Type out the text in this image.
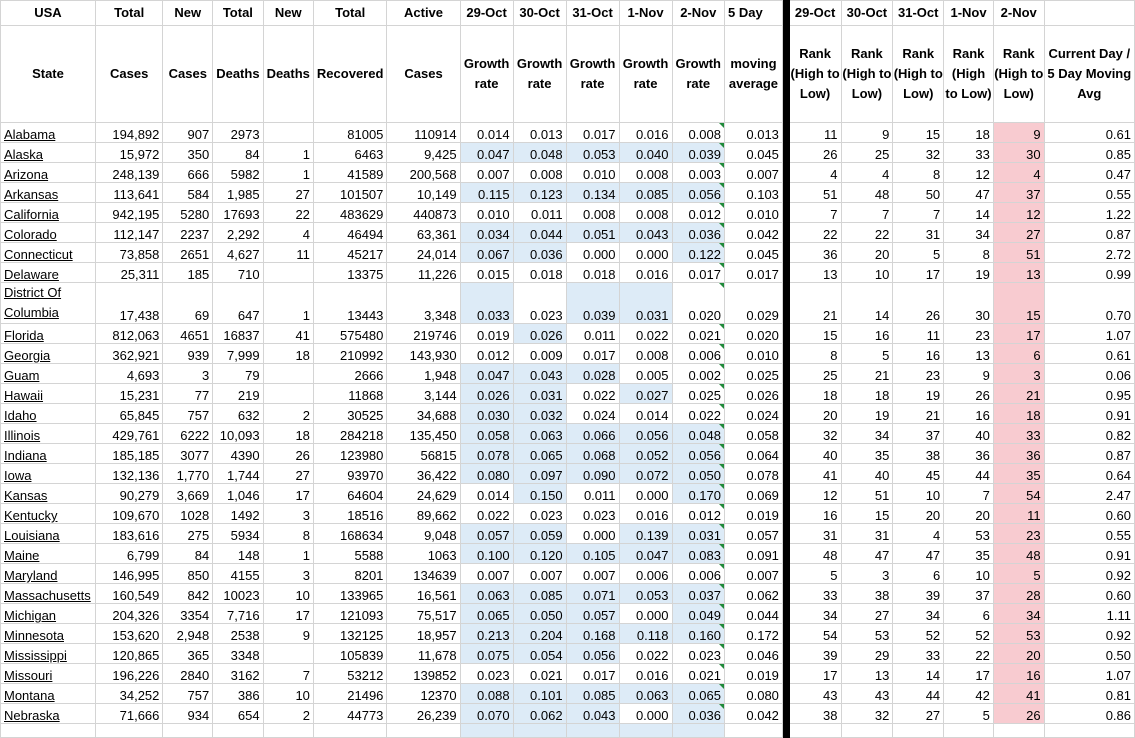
USA	Total	New	Total	New	Total	Active	29-Oct	30-Oct	31-Oct	1-Nov	2-Nov	5 Day		29-Oct	30-Oct	31-Oct	1-Nov	2-Nov	
State	Cases	Cases	Deaths	Deaths	Recovered	Cases	Growth rate	Growth rate	Growth rate	Growth rate	Growth rate	moving average		Rank (High to Low)	Rank (High to Low)	Rank (High to Low)	Rank (High to Low)	Rank (High to Low)	Current Day / 5 Day Moving Avg
Alabama	194,892	907	2973		81005	110914	0.014	0.013	0.017	0.016	0.008	0.013		11	9	15	18	9	0.61
Alaska	15,972	350	84	1	6463	9,425	0.047	0.048	0.053	0.040	0.039	0.045		26	25	32	33	30	0.85
Arizona	248,139	666	5982	1	41589	200,568	0.007	0.008	0.010	0.008	0.003	0.007		4	4	8	12	4	0.47
Arkansas	113,641	584	1,985	27	101507	10,149	0.115	0.123	0.134	0.085	0.056	0.103		51	48	50	47	37	0.55
California	942,195	5280	17693	22	483629	440873	0.010	0.011	0.008	0.008	0.012	0.010		7	7	7	14	12	1.22
Colorado	112,147	2237	2,292	4	46494	63,361	0.034	0.044	0.051	0.043	0.036	0.042		22	22	31	34	27	0.87
Connecticut	73,858	2651	4,627	11	45217	24,014	0.067	0.036	0.000	0.000	0.122	0.045		36	20	5	8	51	2.72
Delaware	25,311	185	710		13375	11,226	0.015	0.018	0.018	0.016	0.017	0.017		13	10	17	19	13	0.99
District Of Columbia	17,438	69	647	1	13443	3,348	0.033	0.023	0.039	0.031	0.020	0.029		21	14	26	30	15	0.70
Florida	812,063	4651	16837	41	575480	219746	0.019	0.026	0.011	0.022	0.021	0.020		15	16	11	23	17	1.07
Georgia	362,921	939	7,999	18	210992	143,930	0.012	0.009	0.017	0.008	0.006	0.010		8	5	16	13	6	0.61
Guam	4,693	3	79		2666	1,948	0.047	0.043	0.028	0.005	0.002	0.025		25	21	23	9	3	0.06
Hawaii	15,231	77	219		11868	3,144	0.026	0.031	0.022	0.027	0.025	0.026		18	18	19	26	21	0.95
Idaho	65,845	757	632	2	30525	34,688	0.030	0.032	0.024	0.014	0.022	0.024		20	19	21	16	18	0.91
Illinois	429,761	6222	10,093	18	284218	135,450	0.058	0.063	0.066	0.056	0.048	0.058		32	34	37	40	33	0.82
Indiana	185,185	3077	4390	26	123980	56815	0.078	0.065	0.068	0.052	0.056	0.064		40	35	38	36	36	0.87
Iowa	132,136	1,770	1,744	27	93970	36,422	0.080	0.097	0.090	0.072	0.050	0.078		41	40	45	44	35	0.64
Kansas	90,279	3,669	1,046	17	64604	24,629	0.014	0.150	0.011	0.000	0.170	0.069		12	51	10	7	54	2.47
Kentucky	109,670	1028	1492	3	18516	89,662	0.022	0.023	0.023	0.016	0.012	0.019		16	15	20	20	11	0.60
Louisiana	183,616	275	5934	8	168634	9,048	0.057	0.059	0.000	0.139	0.031	0.057		31	31	4	53	23	0.55
Maine	6,799	84	148	1	5588	1063	0.100	0.120	0.105	0.047	0.083	0.091		48	47	47	35	48	0.91
Maryland	146,995	850	4155	3	8201	134639	0.007	0.007	0.007	0.006	0.006	0.007		5	3	6	10	5	0.92
Massachusetts	160,549	842	10023	10	133965	16,561	0.063	0.085	0.071	0.053	0.037	0.062		33	38	39	37	28	0.60
Michigan	204,326	3354	7,716	17	121093	75,517	0.065	0.050	0.057	0.000	0.049	0.044		34	27	34	6	34	1.11
Minnesota	153,620	2,948	2538	9	132125	18,957	0.213	0.204	0.168	0.118	0.160	0.172		54	53	52	52	53	0.92
Mississippi	120,865	365	3348		105839	11,678	0.075	0.054	0.056	0.022	0.023	0.046		39	29	33	22	20	0.50
Missouri	196,226	2840	3162	7	53212	139852	0.023	0.021	0.017	0.016	0.021	0.019		17	13	14	17	16	1.07
Montana	34,252	757	386	10	21496	12370	0.088	0.101	0.085	0.063	0.065	0.080		43	43	44	42	41	0.81
Nebraska	71,666	934	654	2	44773	26,239	0.070	0.062	0.043	0.000	0.036	0.042		38	32	27	5	26	0.86
